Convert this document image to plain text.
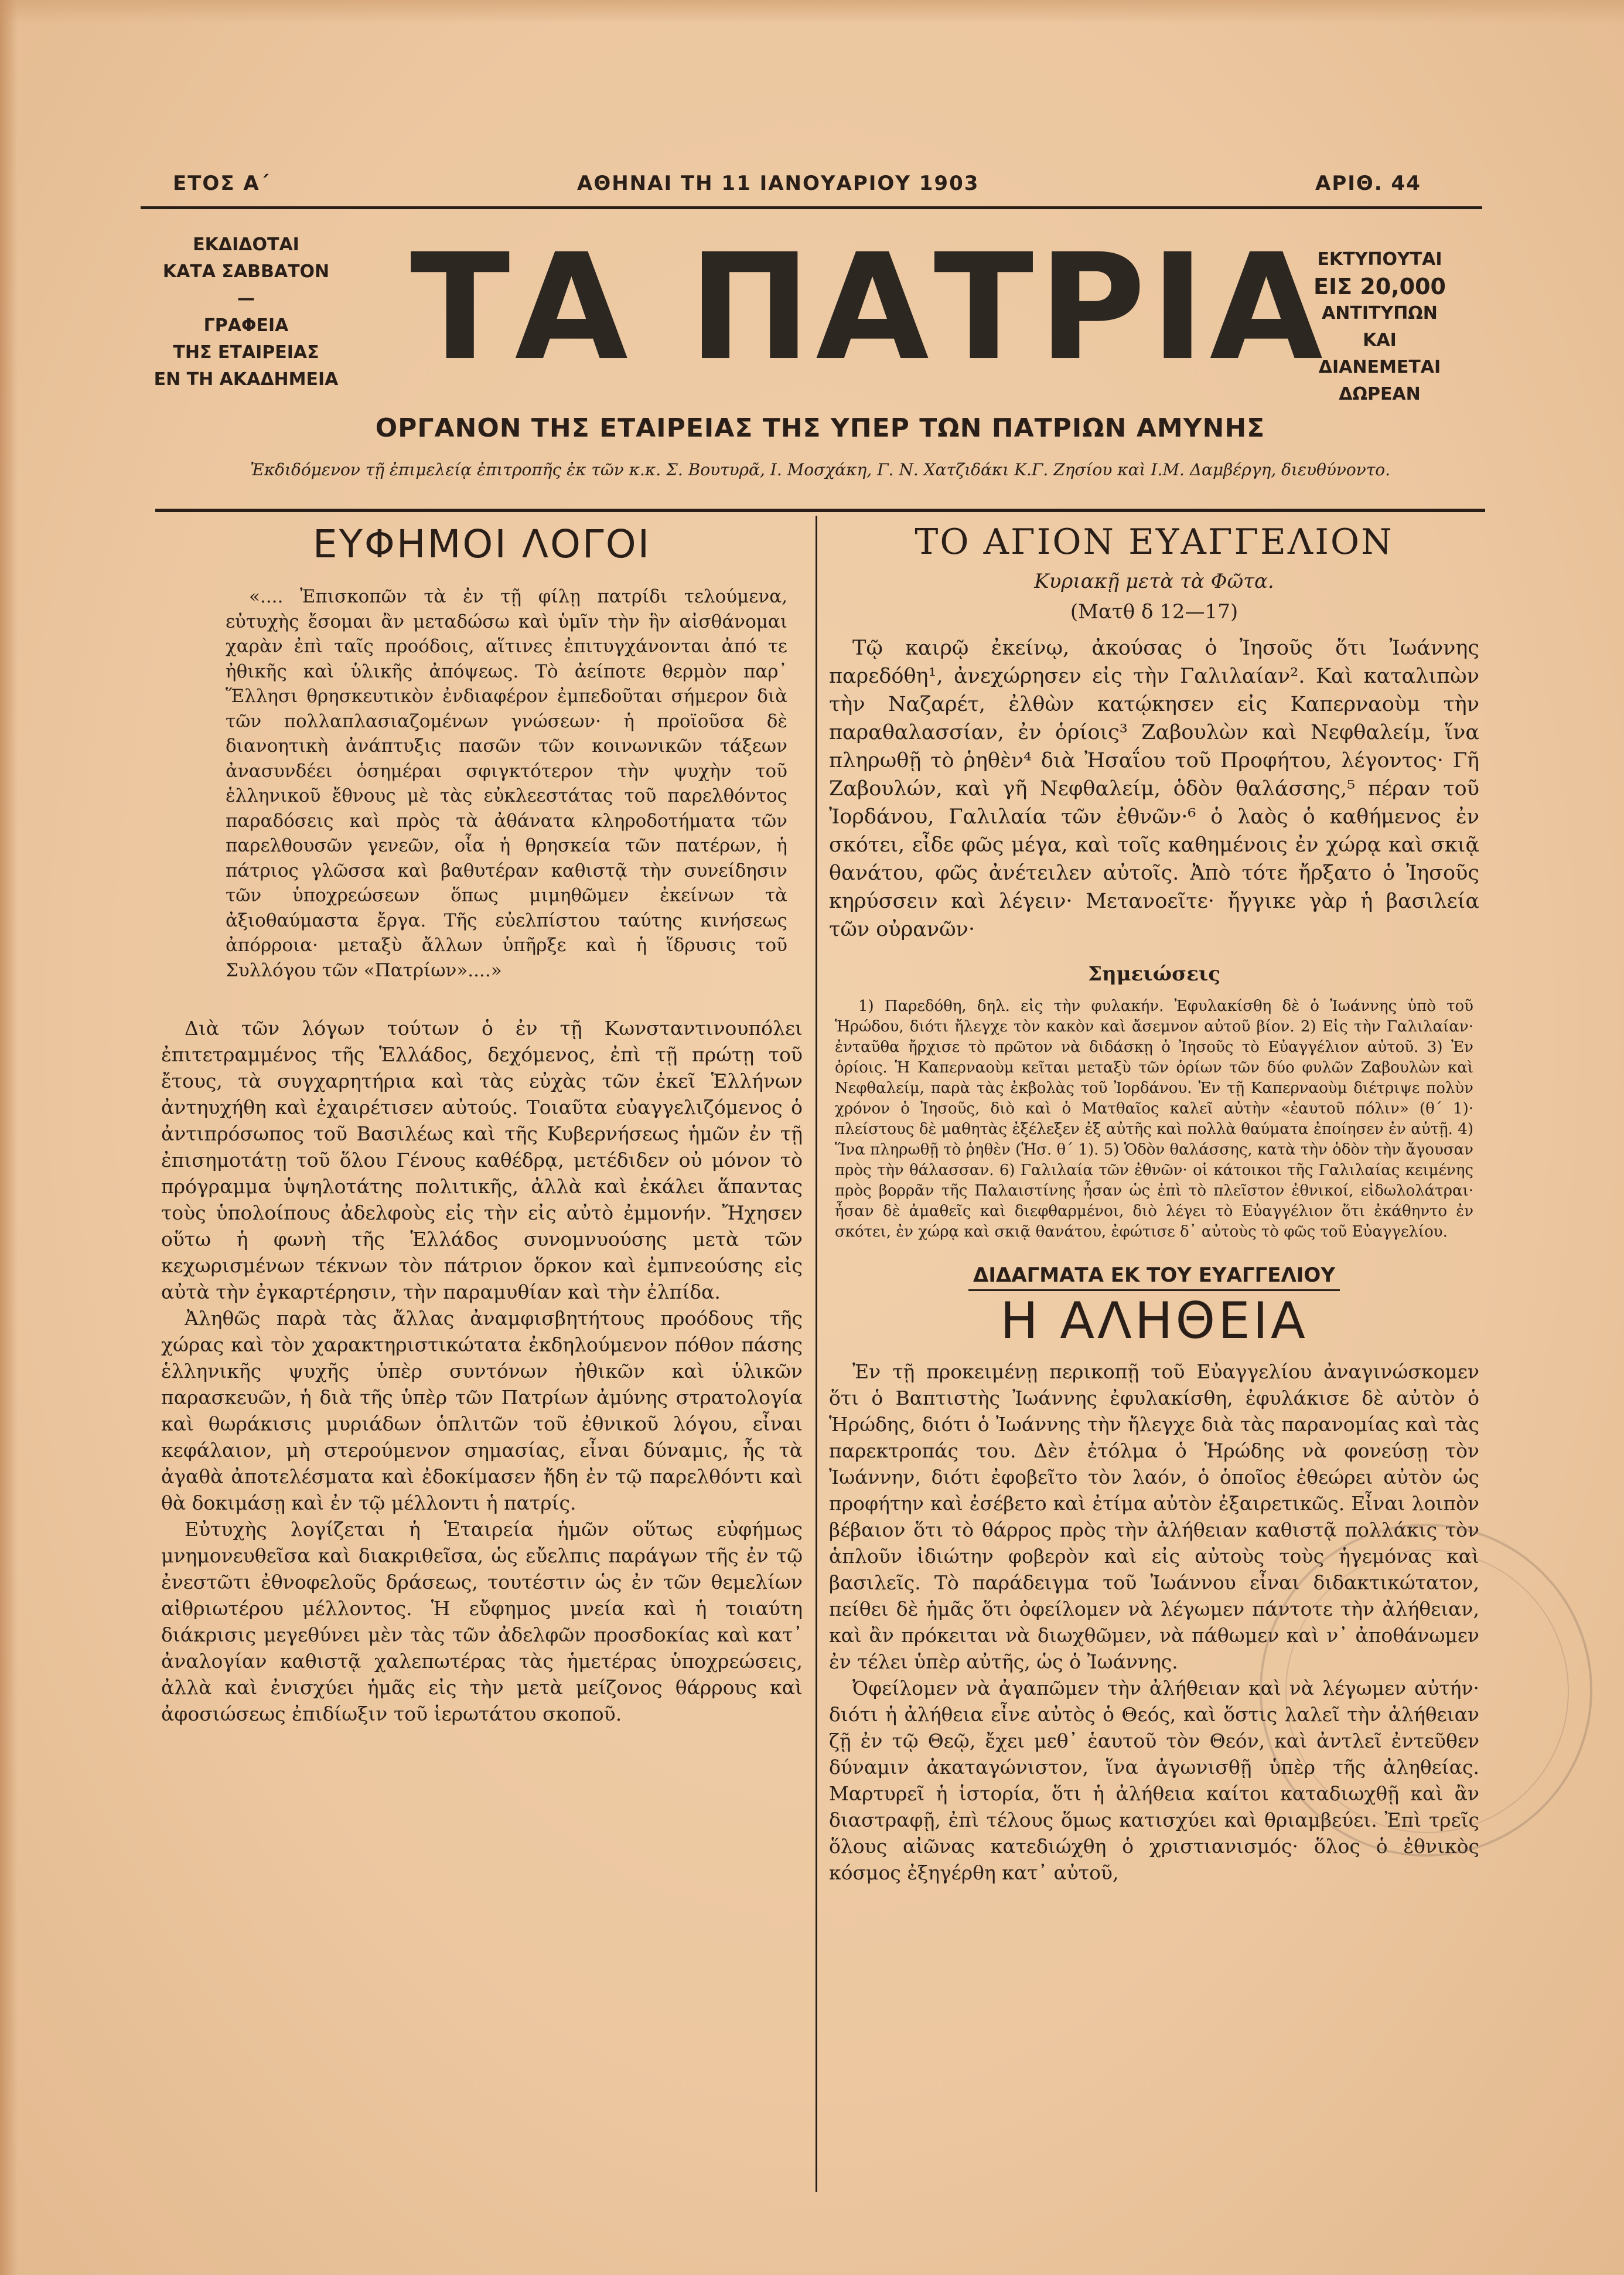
ΕΤΟΣ Α΄	ΑΘΗΝΑΙ ΤΗ 11 ΙΑΝΟΥΑΡΙΟΥ 1903	ΑΡΙΘ. 44
ΕΚΔΙΔΟΤΑΙ
ΚΑΤΑ ΣΑΒΒΑΤΟΝ
—
ΓΡΑΦΕΙΑ
ΤΗΣ ΕΤΑΙΡΕΙΑΣ
ΕΝ ΤΗ ΑΚΑΔΗΜΕΙΑ ΤΑ ΠΑΤΡΙΑ
ΕΚΤΥΠΟΥΤΑΙ
ΕΙΣ 20,000
ΑΝΤΙΤΥΠΩΝ
ΚΑΙ
ΔΙΑΝΕΜΕΤΑΙ
ΔΩΡΕΑΝ
ΟΡΓΑΝΟΝ ΤΗΣ ΕΤΑΙΡΕΙΑΣ ΤΗΣ ΥΠΕΡ ΤΩΝ ΠΑΤΡΙΩΝ ΑΜΥΝΗΣ
Ἐκδιδόμενον τῇ ἐπιμελείᾳ ἐπιτροπῆς ἐκ τῶν κ.κ. Σ. Βουτυρᾶ, Ι. Μοσχάκη, Γ. Ν. Χατζιδάκι Κ.Γ. Ζησίου καὶ Ι.Μ. Δαμβέργη, διευθύνοντο.
ΕΥΦΗΜΟΙ ΛΟΓΟΙ

«.... Ἐπισκοπῶν τὰ ἐν τῇ φίλῃ πατρίδι τελούμενα, εὐτυχὴς ἔσομαι ἂν μεταδώσω καὶ ὑμῖν τὴν ἣν αἰσθάνομαι χαρὰν ἐπὶ ταῖς προόδοις, αἵτινες ἐπιτυγχάνονται ἀπό τε ἠθικῆς καὶ ὑλικῆς ἀπόψεως. Τὸ ἀείποτε θερμὸν παρ᾽ Ἕλλησι θρησκευτικὸν ἐνδιαφέρον ἐμπεδοῦται σήμερον διὰ τῶν πολλαπλασιαζομένων γνώσεων· ἡ προϊοῦσα δὲ διανοητικὴ ἀνάπτυξις πασῶν τῶν κοινωνικῶν τάξεων ἀνασυνδέει ὁσημέραι σφιγκτότερον τὴν ψυχὴν τοῦ ἑλληνικοῦ ἔθνους μὲ τὰς εὐκλεεστάτας τοῦ παρελθόντος παραδόσεις καὶ πρὸς τὰ ἀθάνατα κληροδοτήματα τῶν παρελθουσῶν γενεῶν, οἷα ἡ θρησκεία τῶν πατέρων, ἡ πάτριος γλῶσσα καὶ βαθυτέραν καθιστᾷ τὴν συνείδησιν τῶν ὑποχρεώσεων ὅπως μιμηθῶμεν ἐκείνων τὰ ἀξιοθαύμαστα ἔργα. Τῆς εὐελπίστου ταύτης κινήσεως ἀπόρροια· μεταξὺ ἄλλων ὑπῆρξε καὶ ἡ ἵδρυσις τοῦ Συλλόγου τῶν «Πατρίων»....»

Διὰ τῶν λόγων τούτων ὁ ἐν τῇ Κωνσταντινουπόλει ἐπιτετραμμένος τῆς Ἑλλάδος, δεχόμενος, ἐπὶ τῇ πρώτῃ τοῦ ἔτους, τὰ συγχαρητήρια καὶ τὰς εὐχὰς τῶν ἐκεῖ Ἑλλήνων ἀντηυχήθη καὶ ἐχαιρέτισεν αὐτούς. Τοιαῦτα εὐαγγελιζόμενος ὁ ἀντιπρόσωπος τοῦ Βασιλέως καὶ τῆς Κυβερνήσεως ἡμῶν ἐν τῇ ἐπισημοτάτῃ τοῦ ὅλου Γένους καθέδρᾳ, μετέδιδεν οὐ μόνον τὸ πρόγραμμα ὑψηλοτάτης πολιτικῆς, ἀλλὰ καὶ ἐκάλει ἅπαντας τοὺς ὑπολοίπους ἀδελφοὺς εἰς τὴν εἰς αὐτὸ ἐμμονήν. Ἤχησεν οὕτω ἡ φωνὴ τῆς Ἑλλάδος συνομνυούσης μετὰ τῶν κεχωρισμένων τέκνων τὸν πάτριον ὅρκον καὶ ἐμπνεούσης εἰς αὐτὰ τὴν ἐγκαρτέρησιν, τὴν παραμυθίαν καὶ τὴν ἐλπίδα.

Ἀληθῶς παρὰ τὰς ἄλλας ἀναμφισβητήτους προόδους τῆς χώρας καὶ τὸν χαρακτηριστικώτατα ἐκδηλούμενον πόθον πάσης ἑλληνικῆς ψυχῆς ὑπὲρ συντόνων ἠθικῶν καὶ ὑλικῶν παρασκευῶν, ἡ διὰ τῆς ὑπὲρ τῶν Πατρίων ἀμύνης στρατολογία καὶ θωράκισις μυριάδων ὁπλιτῶν τοῦ ἐθνικοῦ λόγου, εἶναι κεφάλαιον, μὴ στερούμενον σημασίας, εἶναι δύναμις, ἧς τὰ ἀγαθὰ ἀποτελέσματα καὶ ἐδοκίμασεν ἤδη ἐν τῷ παρελθόντι καὶ θὰ δοκιμάσῃ καὶ ἐν τῷ μέλλοντι ἡ πατρίς.

Εὐτυχὴς λογίζεται ἡ Ἑταιρεία ἡμῶν οὕτως εὐφήμως μνημονευθεῖσα καὶ διακριθεῖσα, ὡς εὔελπις παράγων τῆς ἐν τῷ ἐνεστῶτι ἐθνοφελοῦς δράσεως, τουτέστιν ὡς ἐν τῶν θεμελίων αἰθριωτέρου μέλλοντος. Ἡ εὔφημος μνεία καὶ ἡ τοιαύτη διάκρισις μεγεθύνει μὲν τὰς τῶν ἀδελφῶν προσδοκίας καὶ κατ᾽ ἀναλογίαν καθιστᾷ χαλεπωτέρας τὰς ἡμετέρας ὑποχρεώσεις, ἀλλὰ καὶ ἐνισχύει ἡμᾶς εἰς τὴν μετὰ μείζονος θάρρους καὶ ἀφοσιώσεως ἐπιδίωξιν τοῦ ἱερωτάτου σκοποῦ.

ΤΟ ΑΓΙΟΝ ΕΥΑΓΓΕΛΙΟΝ
Κυριακῇ μετὰ τὰ Φῶτα.
(Ματθ δ 12—17)

Τῷ καιρῷ ἐκείνῳ, ἀκούσας ὁ Ἰησοῦς ὅτι Ἰωάννης παρεδόθη¹, ἀνεχώρησεν εἰς τὴν Γαλιλαίαν². Καὶ καταλιπὼν τὴν Ναζαρέτ, ἐλθὼν κατῴκησεν εἰς Καπερναοὺμ τὴν παραθαλασσίαν, ἐν ὁρίοις³ Ζαβουλὼν καὶ Νεφθαλείμ, ἵνα πληρωθῇ τὸ ῥηθὲν⁴ διὰ Ἠσαΐου τοῦ Προφήτου, λέγοντος· Γῆ Ζαβουλών, καὶ γῆ Νεφθαλείμ, ὁδὸν θαλάσσης,⁵ πέραν τοῦ Ἰορδάνου, Γαλιλαία τῶν ἐθνῶν·⁶ ὁ λαὸς ὁ καθήμενος ἐν σκότει, εἶδε φῶς μέγα, καὶ τοῖς καθημένοις ἐν χώρᾳ καὶ σκιᾷ θανάτου, φῶς ἀνέτειλεν αὐτοῖς. Ἀπὸ τότε ἤρξατο ὁ Ἰησοῦς κηρύσσειν καὶ λέγειν· Μετανοεῖτε· ἤγγικε γὰρ ἡ βασιλεία τῶν οὐρανῶν·

Σημειώσεις

1) Παρεδόθη, δηλ. εἰς τὴν φυλακήν. Ἐφυλακίσθη δὲ ὁ Ἰωάννης ὑπὸ τοῦ Ἡρώδου, διότι ἤλεγχε τὸν κακὸν καὶ ἄσεμνον αὐτοῦ βίον. 2) Εἰς τὴν Γαλιλαίαν· ἐνταῦθα ἤρχισε τὸ πρῶτον νὰ διδάσκῃ ὁ Ἰησοῦς τὸ Εὐαγγέλιον αὐτοῦ. 3) Ἐν ὁρίοις. Ἡ Καπερναοὺμ κεῖται μεταξὺ τῶν ὁρίων τῶν δύο φυλῶν Ζαβουλὼν καὶ Νεφθαλείμ, παρὰ τὰς ἐκβολὰς τοῦ Ἰορδάνου. Ἐν τῇ Καπερναοὺμ διέτριψε πολὺν χρόνον ὁ Ἰησοῦς, διὸ καὶ ὁ Ματθαῖος καλεῖ αὐτὴν «ἑαυτοῦ πόλιν» (θ´ 1)· πλείστους δὲ μαθητὰς ἐξέλεξεν ἐξ αὐτῆς καὶ πολλὰ θαύματα ἐποίησεν ἐν αὐτῇ. 4) Ἵνα πληρωθῇ τὸ ῥηθὲν (Ἡσ. θ´ 1). 5) Ὁδὸν θαλάσσης, κατὰ τὴν ὁδὸν τὴν ἄγουσαν πρὸς τὴν θάλασσαν. 6) Γαλιλαία τῶν ἐθνῶν· οἱ κάτοικοι τῆς Γαλιλαίας κειμένης πρὸς βορρᾶν τῆς Παλαιστίνης ἦσαν ὡς ἐπὶ τὸ πλεῖστον ἐθνικοί, εἰδωλολάτραι· ἦσαν δὲ ἀμαθεῖς καὶ διεφθαρμένοι, διὸ λέγει τὸ Εὐαγγέλιον ὅτι ἐκάθηντο ἐν σκότει, ἐν χώρᾳ καὶ σκιᾷ θανάτου, ἐφώτισε δ᾽ αὐτοὺς τὸ φῶς τοῦ Εὐαγγελίου.

ΔΙΔΑΓΜΑΤΑ ΕΚ ΤΟΥ ΕΥΑΓΓΕΛΙΟΥ
Η ΑΛΗΘΕΙΑ

Ἐν τῇ προκειμένῃ περικοπῇ τοῦ Εὐαγγελίου ἀναγινώσκομεν ὅτι ὁ Βαπτιστὴς Ἰωάννης ἐφυλακίσθη, ἐφυλάκισε δὲ αὐτὸν ὁ Ἡρώδης, διότι ὁ Ἰωάννης τὴν ἤλεγχε διὰ τὰς παρανομίας καὶ τὰς παρεκτροπάς του. Δὲν ἐτόλμα ὁ Ἡρώδης νὰ φονεύσῃ τὸν Ἰωάννην, διότι ἐφοβεῖτο τὸν λαόν, ὁ ὁποῖος ἐθεώρει αὐτὸν ὡς προφήτην καὶ ἐσέβετο καὶ ἐτίμα αὐτὸν ἐξαιρετικῶς. Εἶναι λοιπὸν βέβαιον ὅτι τὸ θάρρος πρὸς τὴν ἀλήθειαν καθιστᾷ πολλάκις τὸν ἁπλοῦν ἰδιώτην φοβερὸν καὶ εἰς αὐτοὺς τοὺς ἡγεμόνας καὶ βασιλεῖς. Τὸ παράδειγμα τοῦ Ἰωάννου εἶναι διδακτικώτατον, πείθει δὲ ἡμᾶς ὅτι ὀφείλομεν νὰ λέγωμεν πάντοτε τὴν ἀλήθειαν, καὶ ἂν πρόκειται νὰ διωχθῶμεν, νὰ πάθωμεν καὶ ν᾽ ἀποθάνωμεν ἐν τέλει ὑπὲρ αὐτῆς, ὡς ὁ Ἰωάννης.

Ὀφείλομεν νὰ ἀγαπῶμεν τὴν ἀλήθειαν καὶ νὰ λέγωμεν αὐτήν· διότι ἡ ἀλήθεια εἶνε αὐτὸς ὁ Θεός, καὶ ὅστις λαλεῖ τὴν ἀλήθειαν ζῇ ἐν τῷ Θεῷ, ἔχει μεθ᾽ ἑαυτοῦ τὸν Θεόν, καὶ ἀντλεῖ ἐντεῦθεν δύναμιν ἀκαταγώνιστον, ἵνα ἀγωνισθῇ ὑπὲρ τῆς ἀληθείας. Μαρτυρεῖ ἡ ἱστορία, ὅτι ἡ ἀλήθεια καίτοι καταδιωχθῇ καὶ ἂν διαστραφῇ, ἐπὶ τέλους ὅμως κατισχύει καὶ θριαμβεύει. Ἐπὶ τρεῖς ὅλους αἰῶνας κατεδιώχθη ὁ χριστιανισμός· ὅλος ὁ ἐθνικὸς κόσμος ἐξηγέρθη κατ᾽ αὐτοῦ,
